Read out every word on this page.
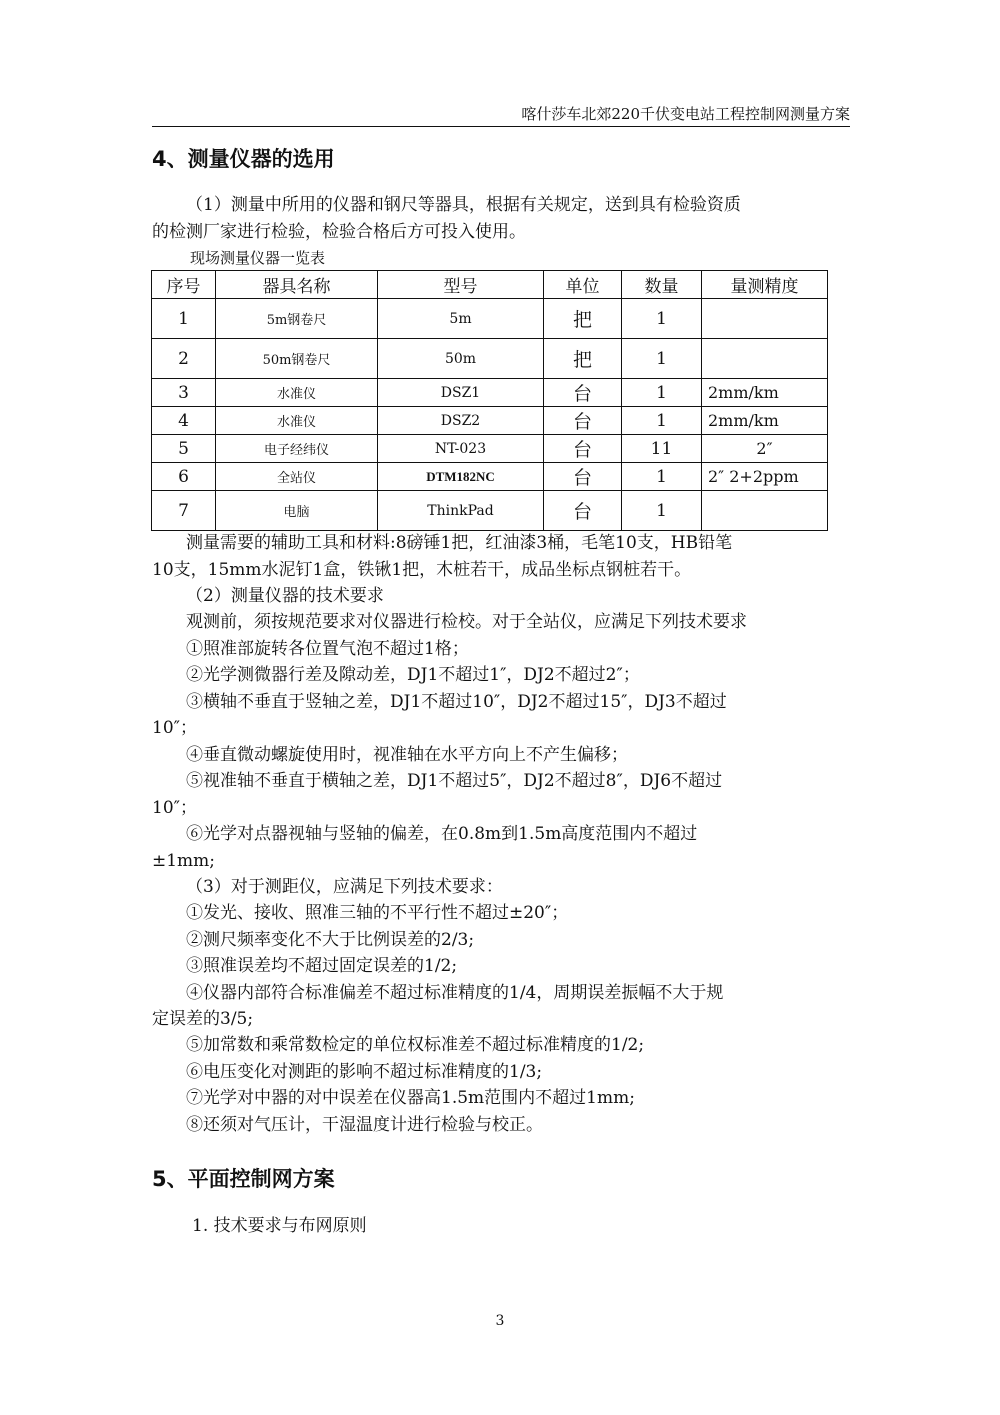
喀什莎车北郊220千伏变电站工程控制网测量方案
4、测量仪器的选用
（1）测量中所用的仪器和钢尺等器具，根据有关规定，送到具有检验资质
的检测厂家进行检验，检验合格后方可投入使用。
现场测量仪器一览表
序号	器具名称	型号	单位	数量	量测精度
1	5m钢卷尺	5m	把	1	
2	50m钢卷尺	50m	把	1	
3	水准仪	DSZ1	台	1	2mm/km
4	水准仪	DSZ2	台	1	2mm/km
5	电子经纬仪	NT-023	台	11	2″
6	全站仪	DTM182NC	台	1	2″ 2+2ppm
7	电脑	ThinkPad	台	1	
测量需要的辅助工具和材料:8磅锤1把，红油漆3桶，毛笔10支，HB铅笔
10支，15mm水泥钉1盒，铁锹1把，木桩若干，成品坐标点钢桩若干。
（2）测量仪器的技术要求
观测前，须按规范要求对仪器进行检校。对于全站仪，应满足下列技术要求
①照准部旋转各位置气泡不超过1格；
②光学测微器行差及隙动差，DJ1不超过1″，DJ2不超过2″；
③横轴不垂直于竖轴之差，DJ1不超过10″，DJ2不超过15″，DJ3不超过
10″；
④垂直微动螺旋使用时，视准轴在水平方向上不产生偏移；
⑤视准轴不垂直于横轴之差，DJ1不超过5″，DJ2不超过8″，DJ6不超过
10″；
⑥光学对点器视轴与竖轴的偏差，在0.8m到1.5m高度范围内不超过
±1mm;
（3）对于测距仪，应满足下列技术要求：
①发光、接收、照准三轴的不平行性不超过±20″；
②测尺频率变化不大于比例误差的2/3;
③照准误差均不超过固定误差的1/2;
④仪器内部符合标准偏差不超过标准精度的1/4，周期误差振幅不大于规
定误差的3/5;
⑤加常数和乘常数检定的单位权标准差不超过标准精度的1/2;
⑥电压变化对测距的影响不超过标准精度的1/3;
⑦光学对中器的对中误差在仪器高1.5m范围内不超过1mm;
⑧还须对气压计，干湿温度计进行检验与校正。
5、平面控制网方案
1. 技术要求与布网原则
3
